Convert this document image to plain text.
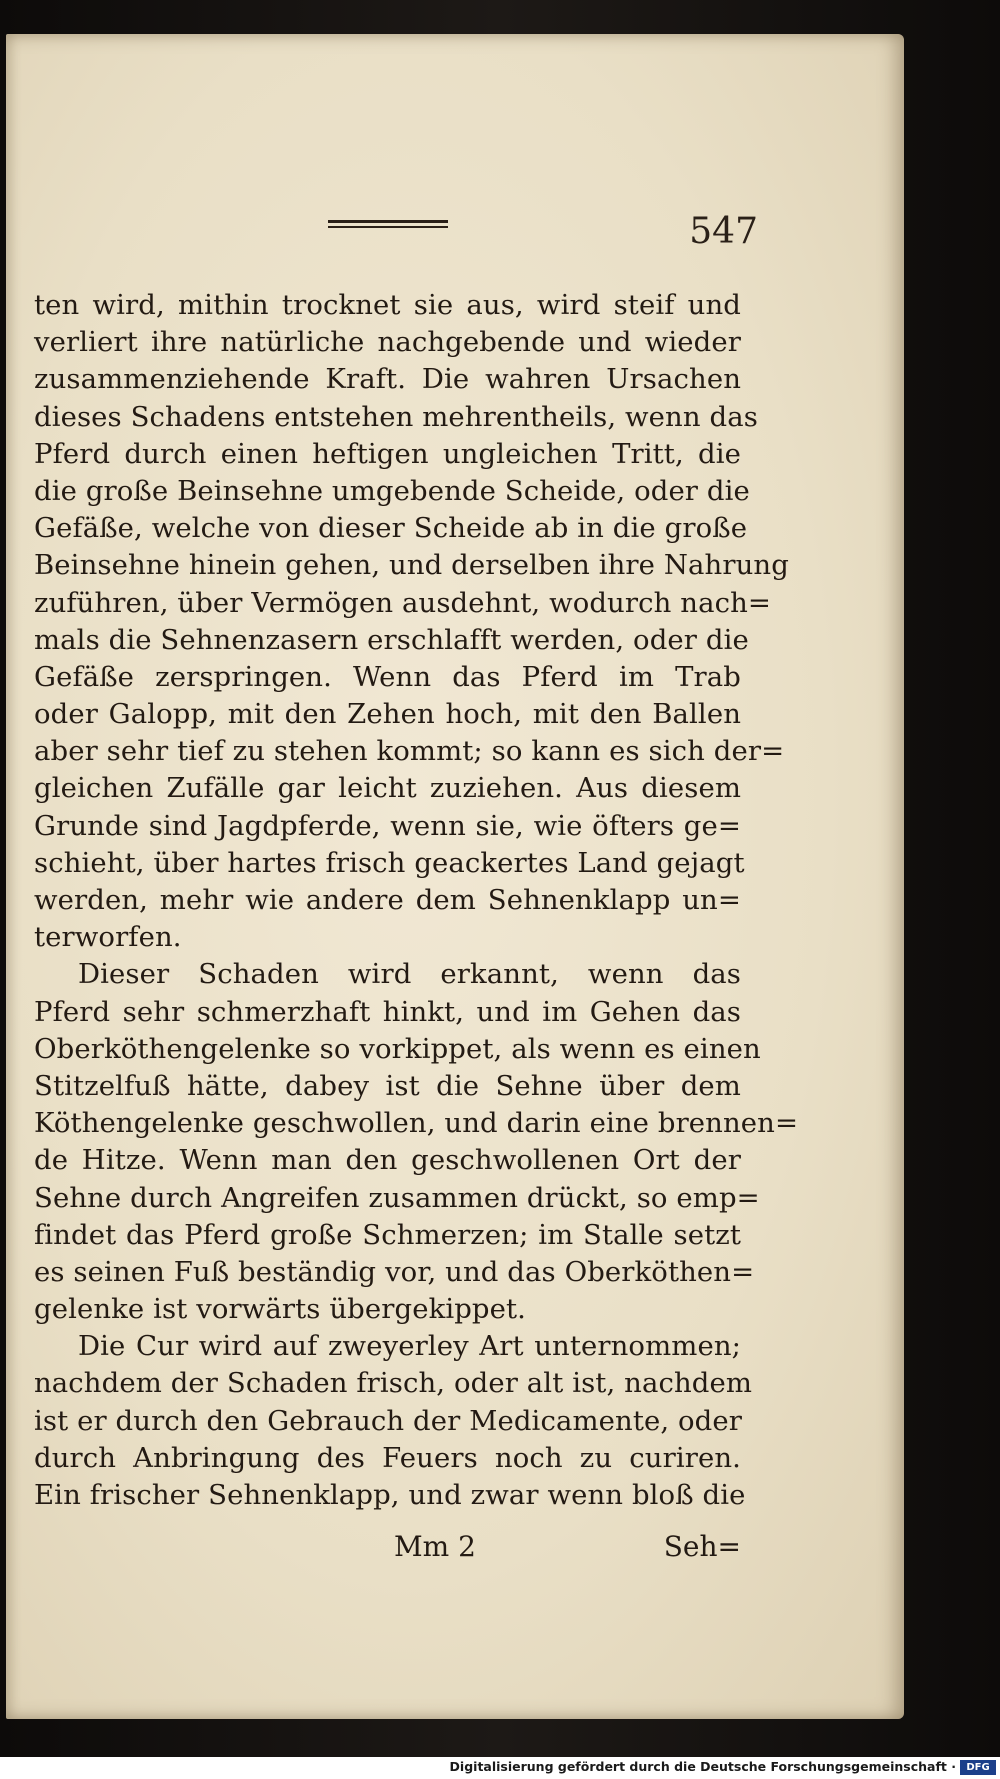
547
ten wird, mithin trocknet sie aus, wird steif und
verliert ihre natürliche nachgebende und wieder
zusammenziehende Kraft. Die wahren Ursachen
dieses Schadens entstehen mehrentheils, wenn das
Pferd durch einen heftigen ungleichen Tritt, die
die große Beinsehne umgebende Scheide, oder die
Gefäße, welche von dieser Scheide ab in die große
Beinsehne hinein gehen, und derselben ihre Nahrung
zuführen, über Vermögen ausdehnt, wodurch nach=
mals die Sehnenzasern erschlafft werden, oder die
Gefäße zerspringen. Wenn das Pferd im Trab
oder Galopp, mit den Zehen hoch, mit den Ballen
aber sehr tief zu stehen kommt; so kann es sich der=
gleichen Zufälle gar leicht zuziehen. Aus diesem
Grunde sind Jagdpferde, wenn sie, wie öfters ge=
schieht, über hartes frisch geackertes Land gejagt
werden, mehr wie andere dem Sehnenklapp un=
terworfen.
Dieser Schaden wird erkannt, wenn das
Pferd sehr schmerzhaft hinkt, und im Gehen das
Oberköthengelenke so vorkippet, als wenn es einen
Stitzelfuß hätte, dabey ist die Sehne über dem
Köthengelenke geschwollen, und darin eine brennen=
de Hitze. Wenn man den geschwollenen Ort der
Sehne durch Angreifen zusammen drückt, so emp=
findet das Pferd große Schmerzen; im Stalle setzt
es seinen Fuß beständig vor, und das Oberköthen=
gelenke ist vorwärts übergekippet.
Die Cur wird auf zweyerley Art unternommen;
nachdem der Schaden frisch, oder alt ist, nachdem
ist er durch den Gebrauch der Medicamente, oder
durch Anbringung des Feuers noch zu curiren.
Ein frischer Sehnenklapp, und zwar wenn bloß die
Mm 2	Seh=
Digitalisierung gefördert durch die Deutsche Forschungsgemeinschaft ·	DFG
